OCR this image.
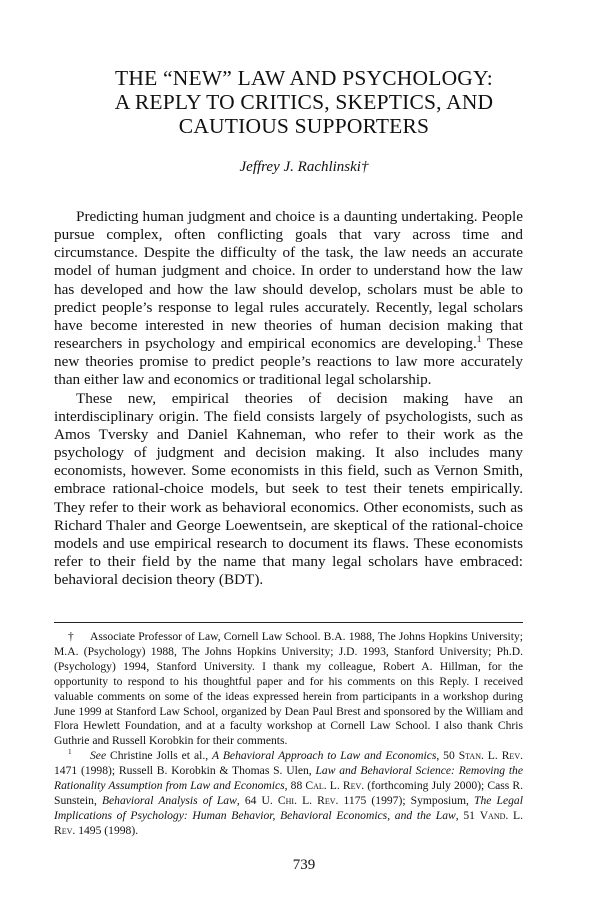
THE “NEW” LAW AND PSYCHOLOGY:
A REPLY TO CRITICS, SKEPTICS, AND
CAUTIOUS SUPPORTERS
Jeffrey J. Rachlinski†

Predicting human judgment and choice is a daunting undertaking. People pursue complex, often conflicting goals that vary across time and circumstance. Despite the difficulty of the task, the law needs an accurate model of human judgment and choice. In order to understand how the law has developed and how the law should develop, scholars must be able to predict people’s response to legal rules accurately. Recently, legal scholars have become interested in new theories of human decision making that researchers in psychology and empirical economics are developing.$^1$ These new theories promise to predict people’s reactions to law more accurately than either law and economics or traditional legal scholarship.

These new, empirical theories of decision making have an interdisciplinary origin. The field consists largely of psychologists, such as Amos Tversky and Daniel Kahneman, who refer to their work as the psychology of judgment and decision making. It also includes many economists, however. Some economists in this field, such as Vernon Smith, embrace rational-choice models, but seek to test their tenets empirically. They refer to their work as behavioral economics. Other economists, such as Richard Thaler and George Loewentsein, are skeptical of the rational-choice models and use empirical research to document its flaws. These economists refer to their field by the name that many legal scholars have embraced: behavioral decision theory (BDT).

† Associate Professor of Law, Cornell Law School. B.A. 1988, The Johns Hopkins University; M.A. (Psychology) 1988, The Johns Hopkins University; J.D. 1993, Stanford University; Ph.D. (Psychology) 1994, Stanford University. I thank my colleague, Robert A. Hillman, for the opportunity to respond to his thoughtful paper and for his comments on this Reply. I received valuable comments on some of the ideas expressed herein from participants in a workshop during June 1999 at Stanford Law School, organized by Dean Paul Brest and sponsored by the William and Flora Hewlett Foundation, and at a faculty workshop at Cornell Law School. I also thank Chris Guthrie and Russell Korobkin for their comments.

$^1$ See Christine Jolls et al., A Behavioral Approach to Law and Economics, 50 Stan. L. Rev. 1471 (1998); Russell B. Korobkin & Thomas S. Ulen, Law and Behavioral Science: Removing the Rationality Assumption from Law and Economics, 88 Cal. L. Rev. (forthcoming July 2000); Cass R. Sunstein, Behavioral Analysis of Law, 64 U. Chi. L. Rev. 1175 (1997); Symposium, The Legal Implications of Psychology: Human Behavior, Behavioral Economics, and the Law, 51 Vand. L. Rev. 1495 (1998).

739
